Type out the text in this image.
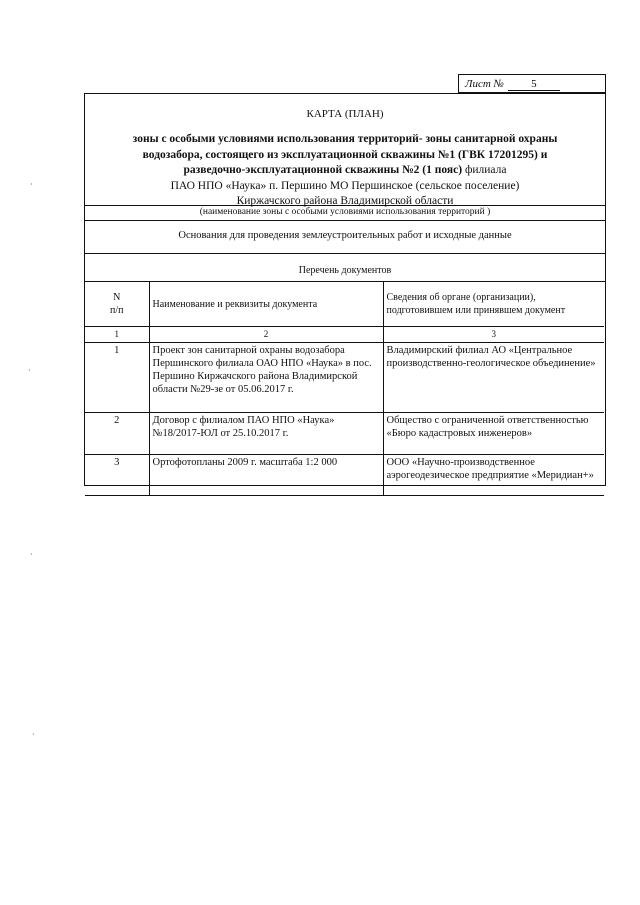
Лист № 5
КАРТА (ПЛАН)
зоны с особыми условиями использования территорий- зоны санитарной охраны
водозабора, состоящего из эксплуатационной скважины №1 (ГВК 17201295) и
разведочно-эксплуатационной скважины №2 (1 пояс) филиала
ПАО НПО «Наука» п. Першино МО Першинское (сельское поселение)
Киржачского района Владимирской области
(наименование зоны с особыми условиями использования территорий )
Основания для проведения землеустроительных работ и исходные данные
Перечень документов
N
п/п	Наименование и реквизиты документа	Сведения об органе (организации), подготовившем или принявшем документ
1	2	3
1	Проект зон санитарной охраны водозабора Першинского филиала ОАО НПО «Наука» в пос. Першино Киржачского района Владимирской области №29-зе от 05.06.2017 г.	Владимирский филиал АО «Центральное производственно-геологическое объединение»
2	Договор с филиалом ПАО НПО «Наука» №18/2017-ЮЛ от 25.10.2017 г.	Общество с ограниченной ответственностью «Бюро кадастровых инженеров»
3	Ортофотопланы 2009 г. масштаба 1:2 000	ООО «Научно-производственное аэрогеодезическое предприятие «Меридиан+»
·
·
·
·
